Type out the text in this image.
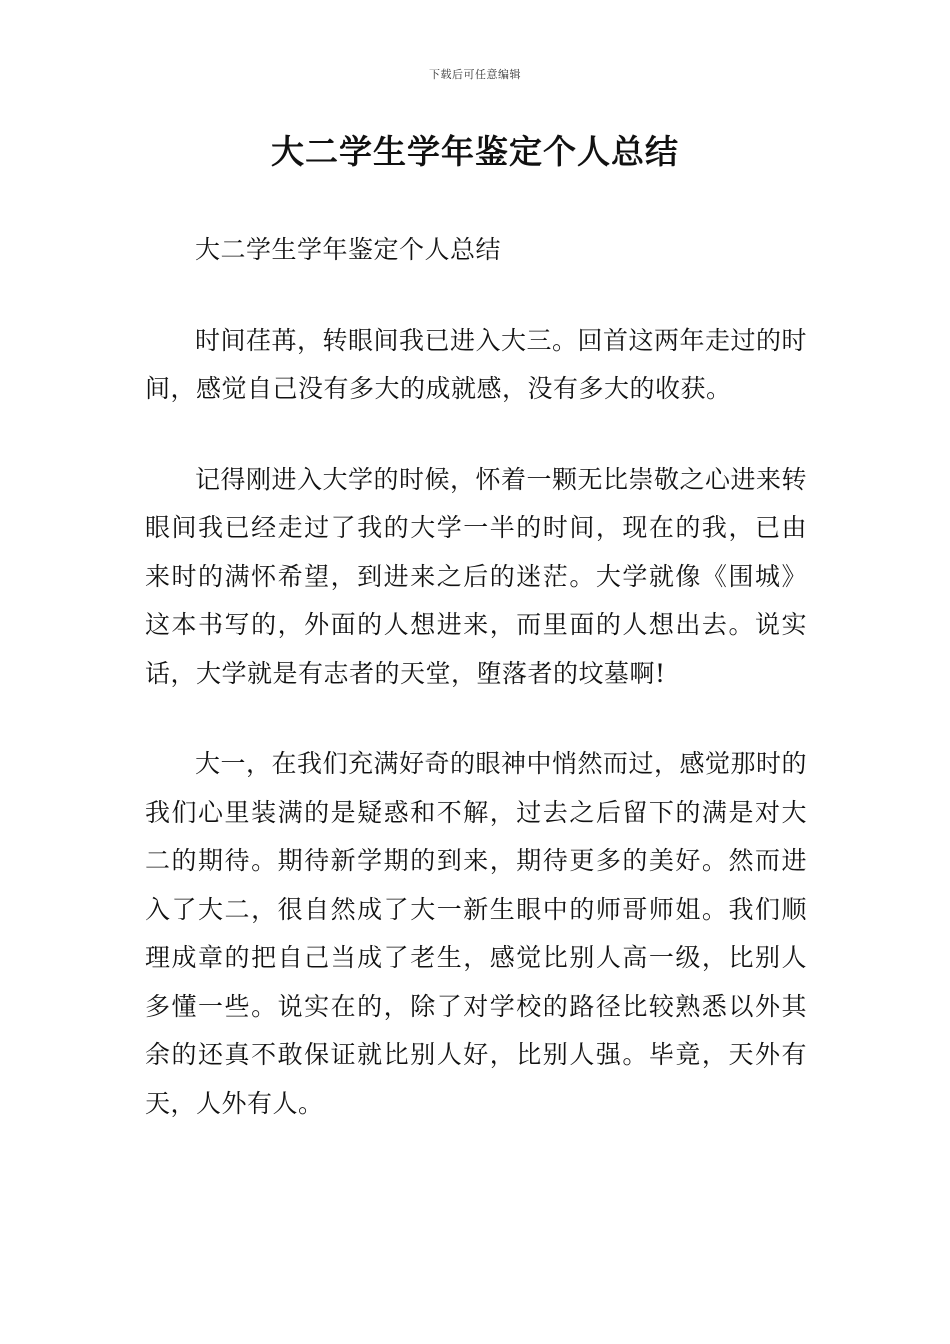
下载后可任意编辑
大二学生学年鉴定个人总结

大二学生学年鉴定个人总结

时间荏苒，转眼间我已进入大三。回首这两年走过的时间，感觉自己没有多大的成就感，没有多大的收获。

记得刚进入大学的时候，怀着一颗无比崇敬之心进来转眼间我已经走过了我的大学一半的时间，现在的我，已由来时的满怀希望，到进来之后的迷茫。大学就像《围城》这本书写的，外面的人想进来，而里面的人想出去。说实话，大学就是有志者的天堂，堕落者的坟墓啊!

大一，在我们充满好奇的眼神中悄然而过，感觉那时的我们心里装满的是疑惑和不解，过去之后留下的满是对大二的期待。期待新学期的到来，期待更多的美好。然而进入了大二，很自然成了大一新生眼中的师哥师姐。我们顺理成章的把自己当成了老生，感觉比别人高一级，比别人多懂一些。说实在的，除了对学校的路径比较熟悉以外其余的还真不敢保证就比别人好，比别人强。毕竟，天外有天，人外有人。
